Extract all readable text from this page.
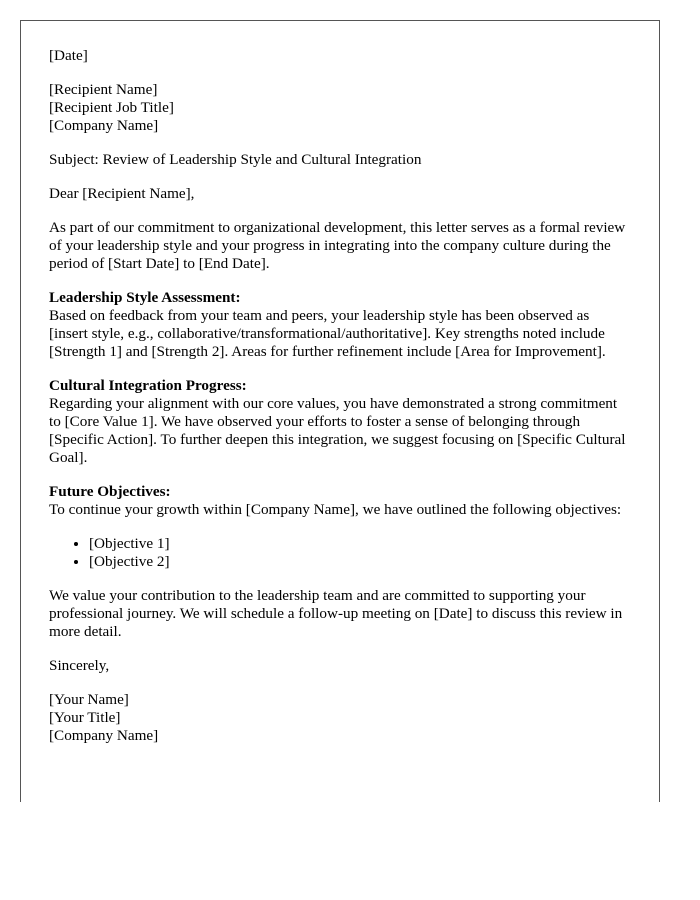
[Date]

[Recipient Name]
[Recipient Job Title]
[Company Name]

Subject: Review of Leadership Style and Cultural Integration

Dear [Recipient Name],

As part of our commitment to organizational development, this letter serves as a formal review of your leadership style and your progress in integrating into the company culture during the period of [Start Date] to [End Date].

Leadership Style Assessment:
Based on feedback from your team and peers, your leadership style has been observed as [insert style, e.g., collaborative/transformational/authoritative]. Key strengths noted include [Strength 1] and [Strength 2]. Areas for further refinement include [Area for Improvement].

Cultural Integration Progress:
Regarding your alignment with our core values, you have demonstrated a strong commitment to [Core Value 1]. We have observed your efforts to foster a sense of belonging through [Specific Action]. To further deepen this integration, we suggest focusing on [Specific Cultural Goal].

Future Objectives:
To continue your growth within [Company Name], we have outlined the following objectives:

• [Objective 1]
• [Objective 2]

We value your contribution to the leadership team and are committed to supporting your professional journey. We will schedule a follow-up meeting on [Date] to discuss this review in more detail.

Sincerely,

[Your Name]
[Your Title]
[Company Name]
